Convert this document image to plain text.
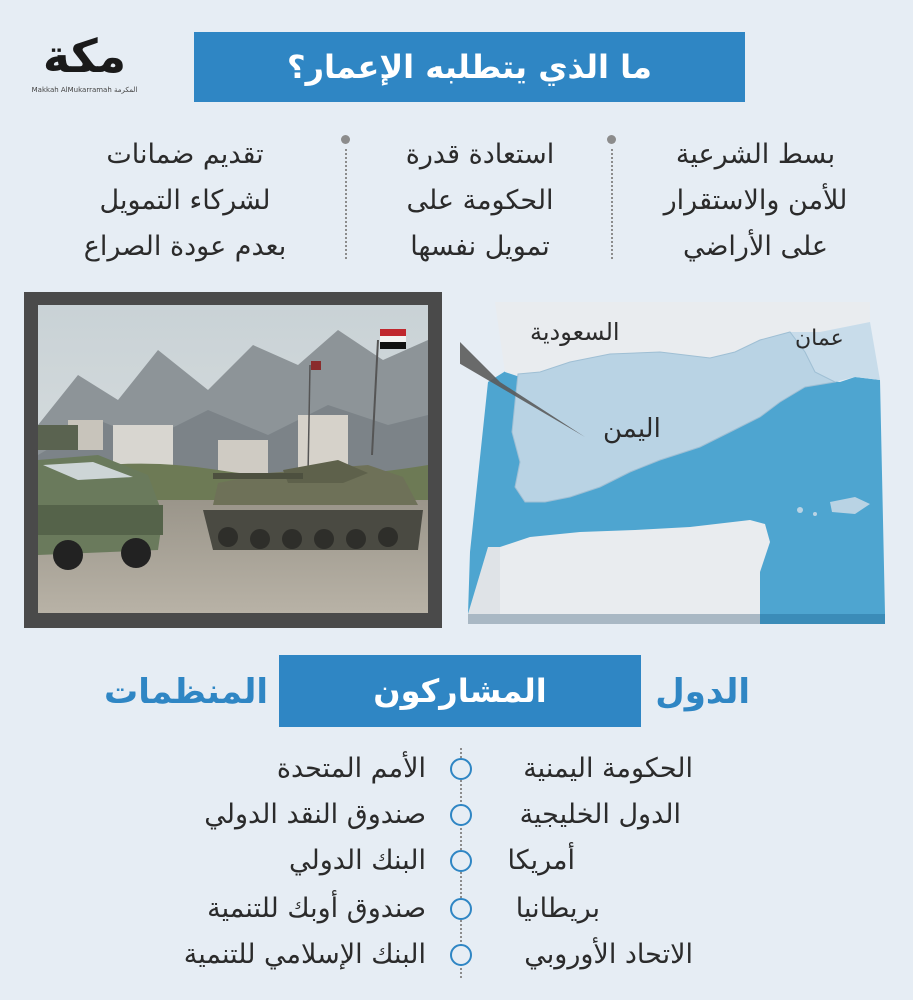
مكة
Makkah AlMukarramah المكرمة
ما الذي يتطلبه الإعمار؟
بسط الشرعية
للأمن والاستقرار
على الأراضي
استعادة قدرة
الحكومة على
تمويل نفسها
تقديم ضمانات
لشركاء التمويل
بعدم عودة الصراع
السعودية	عمان
اليمن
الدول
المشاركون
المنظمات
الحكومة اليمنية
الدول الخليجية
أمريكا
بريطانيا
الاتحاد الأوروبي
الأمم المتحدة
صندوق النقد الدولي
البنك الدولي
صندوق أوبك للتنمية
البنك الإسلامي للتنمية
